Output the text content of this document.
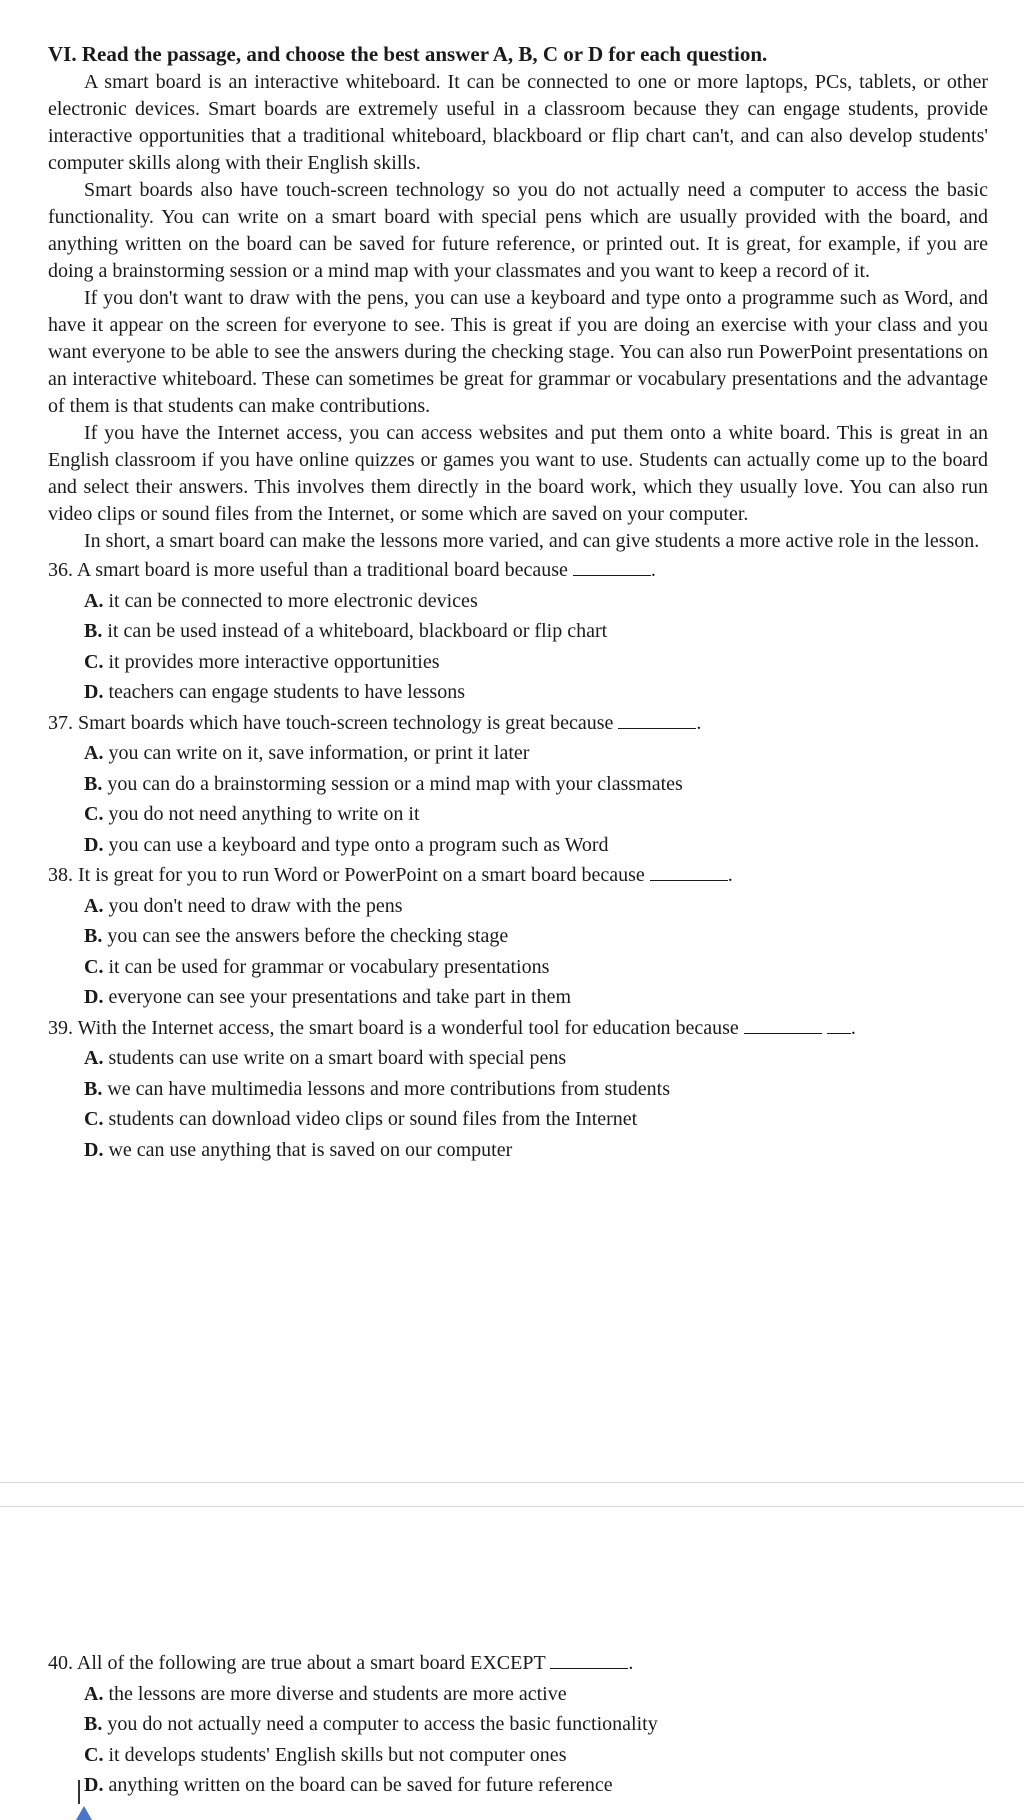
VI. Read the passage, and choose the best answer A, B, C or D for each question.

A smart board is an interactive whiteboard. It can be connected to one or more laptops, PCs, tablets, or other electronic devices. Smart boards are extremely useful in a classroom because they can engage students, provide interactive opportunities that a traditional whiteboard, blackboard or flip chart can't, and can also develop students' computer skills along with their English skills.

Smart boards also have touch-screen technology so you do not actually need a computer to access the basic functionality. You can write on a smart board with special pens which are usually provided with the board, and anything written on the board can be saved for future reference, or printed out. It is great, for example, if you are doing a brainstorming session or a mind map with your classmates and you want to keep a record of it.

If you don't want to draw with the pens, you can use a keyboard and type onto a programme such as Word, and have it appear on the screen for everyone to see. This is great if you are doing an exercise with your class and you want everyone to be able to see the answers during the checking stage. You can also run PowerPoint presentations on an interactive whiteboard. These can sometimes be great for grammar or vocabulary presentations and the advantage of them is that students can make contributions.

If you have the Internet access, you can access websites and put them onto a white board. This is great in an English classroom if you have online quizzes or games you want to use. Students can actually come up to the board and select their answers. This involves them directly in the board work, which they usually love. You can also run video clips or sound files from the Internet, or some which are saved on your computer.

In short, a smart board can make the lessons more varied, and can give students a more active role in the lesson.

36. A smart board is more useful than a traditional board because	.

A. it can be connected to more electronic devices

B. it can be used instead of a whiteboard, blackboard or flip chart

C. it provides more interactive opportunities

D. teachers can engage students to have lessons

37. Smart boards which have touch-screen technology is great because	.

A. you can write on it, save information, or print it later

B. you can do a brainstorming session or a mind map with your classmates

C. you do not need anything to write on it

D. you can use a keyboard and type onto a program such as Word

38. It is great for you to run Word or PowerPoint on a smart board because	.

A. you don't need to draw with the pens

B. you can see the answers before the checking stage

C. it can be used for grammar or vocabulary presentations

D. everyone can see your presentations and take part in them

39. With the Internet access, the smart board is a wonderful tool for education because	.

A. students can use write on a smart board with special pens

B. we can have multimedia lessons and more contributions from students

C. students can download video clips or sound files from the Internet

D. we can use anything that is saved on our computer

40. All of the following are true about a smart board EXCEPT	.

A. the lessons are more diverse and students are more active

B. you do not actually need a computer to access the basic functionality

C. it develops students' English skills but not computer ones

D. anything written on the board can be saved for future reference
